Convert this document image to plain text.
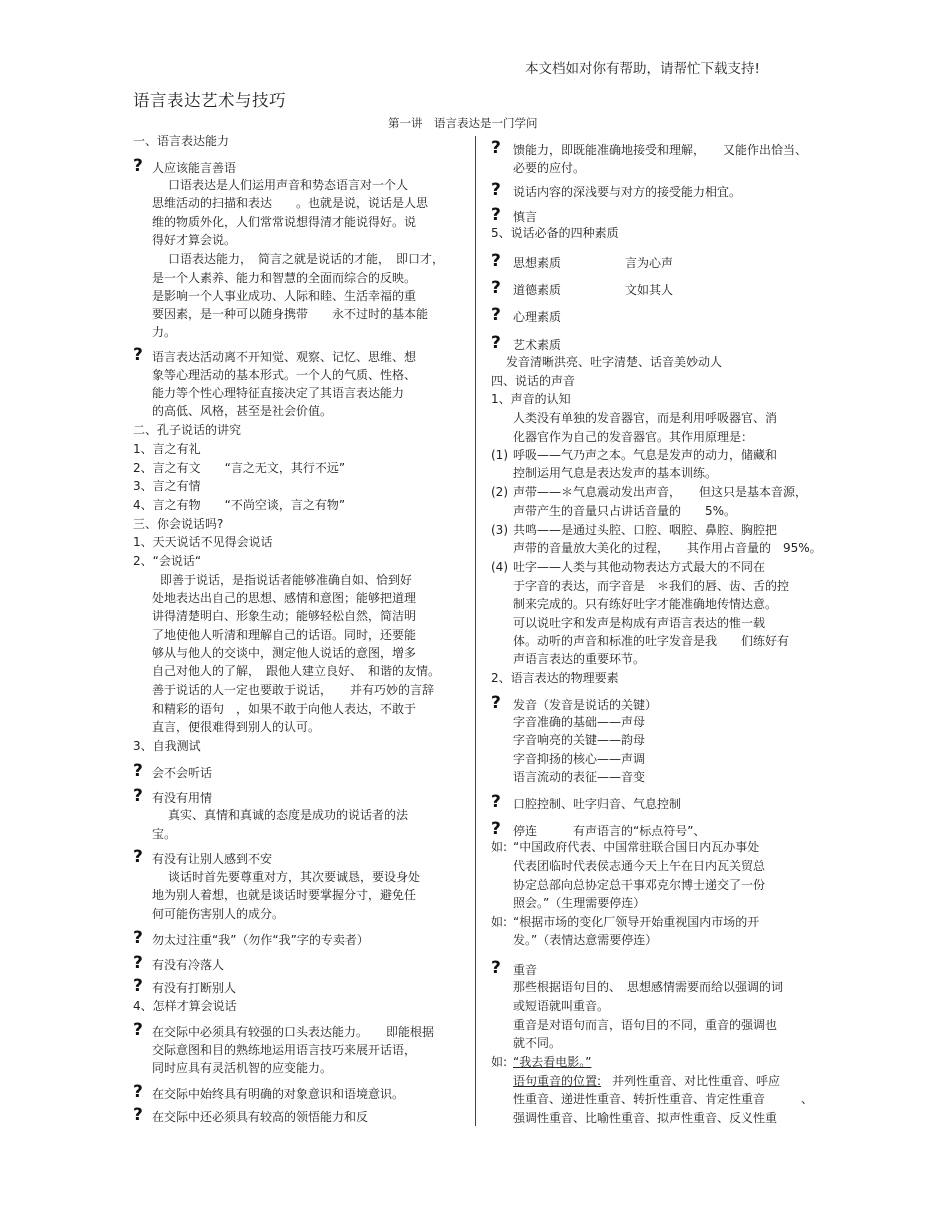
本文档如对你有帮助，请帮忙下载支持!
语言表达艺术与技巧
第一讲　语言表达是一门学问
一、语言表达能力
? 人应该能言善语
口语表达是人们运用声音和势态语言对一个人
思维活动的扫描和表达　　。也就是说，说话是人思
维的物质外化，人们常常说想得清才能说得好。说
得好才算会说。
口语表达能力，　简言之就是说话的才能，　即口才，
是一个人素养、能力和智慧的全面而综合的反映。
是影响一个人事业成功、人际和睦、生活幸福的重
要因素，是一种可以随身携带　　永不过时的基本能
力。
? 语言表达活动离不开知觉、观察、记忆、思维、想
象等心理活动的基本形式。一个人的气质、性格、
能力等个性心理特征直接决定了其语言表达能力
的高低、风格，甚至是社会价值。
二、孔子说话的讲究
1、言之有礼
2、言之有文　　“言之无文，其行不远”
3、言之有情
4、言之有物　　“不尚空谈，言之有物”
三、你会说话吗?
1、天天说话不见得会说话
2、“会说话“
即善于说话，是指说话者能够准确自如、恰到好
处地表达出自己的思想、感情和意图；能够把道理
讲得清楚明白、形象生动；能够轻松自然，简洁明
了地使他人听清和理解自己的话语。同时，还要能
够从与他人的交谈中，测定他人说话的意图，增多
自己对他人的了解，　跟他人建立良好、　和谐的友情。
善于说话的人一定也要敢于说话，　　并有巧妙的言辞
和精彩的语句　，如果不敢于向他人表达，不敢于
直言，便很难得到别人的认可。
3、自我测试
? 会不会听话
? 有没有用情
真实、真情和真诚的态度是成功的说话者的法
宝。
? 有没有让别人感到不安
谈话时首先要尊重对方，其次要诚恳，要设身处
地为别人着想，也就是谈话时要掌握分寸，避免任
何可能伤害别人的成分。
? 勿太过注重“我”（勿作“我”字的专卖者）
? 有没有冷落人
? 有没有打断别人
4、怎样才算会说话
? 在交际中必须具有较强的口头表达能力。　　即能根据
交际意图和目的熟练地运用语言技巧来展开话语，
同时应具有灵活机智的应变能力。
? 在交际中始终具有明确的对象意识和语境意识。
? 在交际中还必须具有较高的领悟能力和反
? 馈能力，即既能准确地接受和理解，　　又能作出恰当、
必要的应付。
? 说话内容的深浅要与对方的接受能力相宜。
? 慎言
5、说话必备的四种素质
? 思想素质	言为心声
? 道德素质	文如其人
? 心理素质
? 艺术素质
发音清晰洪亮、吐字清楚、话音美妙动人
四、说话的声音
1、声音的认知
人类没有单独的发音器官，而是利用呼吸器官、消
化器官作为自己的发音器官。其作用原理是：
(1) 呼吸——气乃声之本。气息是发声的动力，储藏和
控制运用气息是表达发声的基本训练。
(2) 声带——＊气息震动发出声音，　　但这只是基本音源，
声带产生的音量只占讲话音量的　　5%。
(3) 共鸣——是通过头腔、口腔、咽腔、鼻腔、胸腔把
声带的音量放大美化的过程，　　其作用占音量的　95%。
(4) 吐字——人类与其他动物表达方式最大的不同在
于字音的表达，而字音是　＊我们的唇、齿、舌的控
制来完成的。只有练好吐字才能准确地传情达意。
可以说吐字和发声是构成有声语言表达的惟一载
体。动听的声音和标准的吐字发音是我　　们练好有
声语言表达的重要环节。
2、语言表达的物理要素
? 发音（发音是说话的关键）
字音准确的基础——声母
字音响亮的关键——韵母
字音抑扬的核心——声调
语言流动的表征——音变
? 口腔控制、吐字归音、气息控制
? 停连　　　有声语言的“标点符号”、
如: “中国政府代表、中国常驻联合国日内瓦办事处
代表团临时代表侯志通今天上午在日内瓦关贸总
协定总部向总协定总干事邓克尔博士递交了一份
照会。”（生理需要停连）
如: “根据市场的变化厂领导开始重视国内市场的开
发。”（表情达意需要停连）
? 重音
那些根据语句目的、　思想感情需要而给以强调的词
或短语就叫重音。
重音是对语句而言，语句目的不同，重音的强调也
就不同。
如: “我去看电影。”
语句重音的位置: 并列性重音、对比性重音、呼应
性重音、递进性重音、转折性重音、肯定性重音　　　、
强调性重音、比喻性重音、拟声性重音、反义性重
